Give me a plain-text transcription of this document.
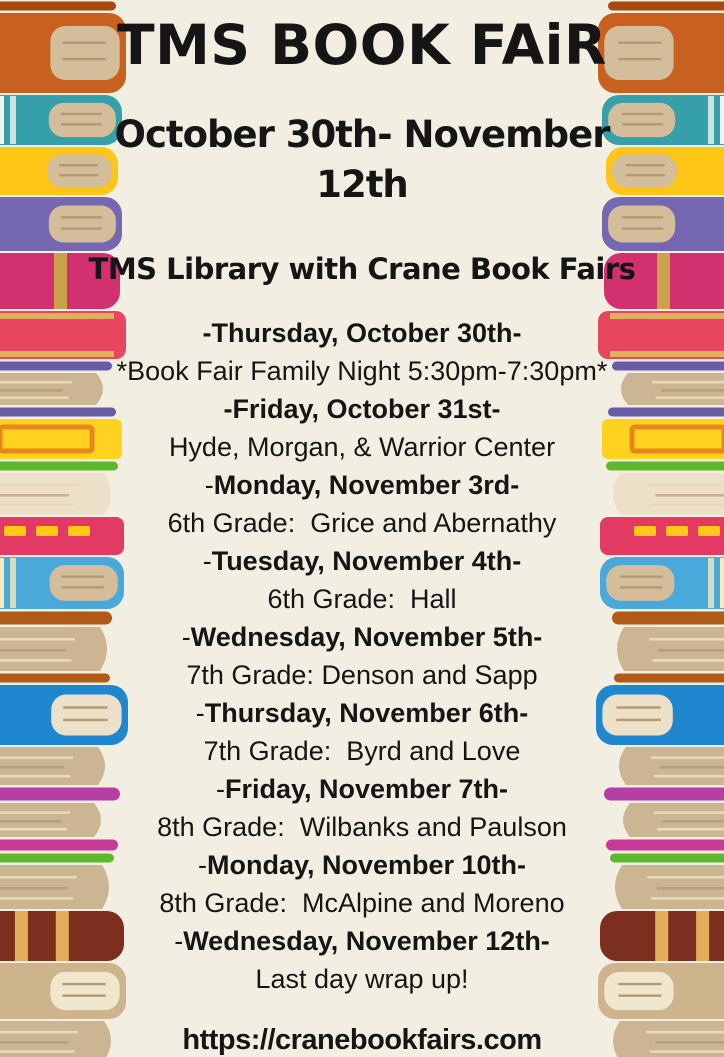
TMS BOOK FAiR
October 30th- November 12th
TMS Library with Crane Book Fairs
-Thursday, October 30th-
*Book Fair Family Night 5:30pm-7:30pm*
-Friday, October 31st-
Hyde, Morgan, & Warrior Center
-Monday, November 3rd-
6th Grade:  Grice and Abernathy
-Tuesday, November 4th-
6th Grade:  Hall
-Wednesday, November 5th-
7th Grade: Denson and Sapp
-Thursday, November 6th-
7th Grade:  Byrd and Love
-Friday, November 7th-
8th Grade:  Wilbanks and Paulson
-Monday, November 10th-
8th Grade:  McAlpine and Moreno
-Wednesday, November 12th-
Last day wrap up!
https://cranebookfairs.com
